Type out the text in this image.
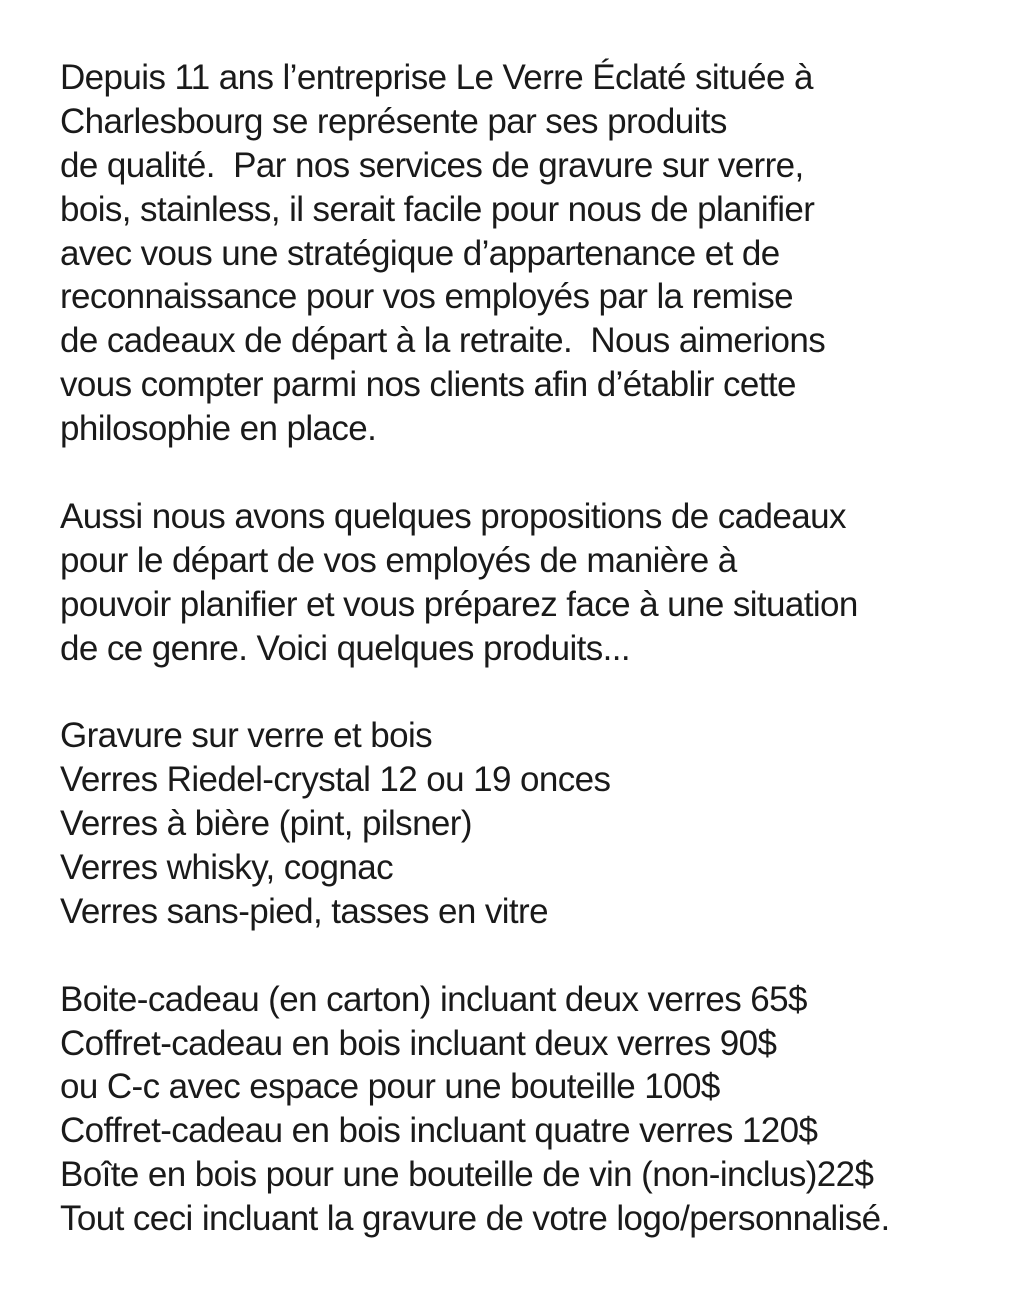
Depuis 11 ans l’entreprise Le Verre Éclaté située à
Charlesbourg se représente par ses produits
de qualité.  Par nos services de gravure sur verre,
bois, stainless, il serait facile pour nous de planifier
avec vous une stratégique d’appartenance et de
reconnaissance pour vos employés par la remise
de cadeaux de départ à la retraite.  Nous aimerions
vous compter parmi nos clients afin d’établir cette
philosophie en place.
Aussi nous avons quelques propositions de cadeaux
pour le départ de vos employés de manière à
pouvoir planifier et vous préparez face à une situation
de ce genre. Voici quelques produits...
Gravure sur verre et bois
Verres Riedel-crystal 12 ou 19 onces
Verres à bière (pint, pilsner)
Verres whisky, cognac
Verres sans-pied, tasses en vitre
Boite-cadeau (en carton) incluant deux verres 65$
Coffret-cadeau en bois incluant deux verres 90$
ou C-c avec espace pour une bouteille 100$
Coffret-cadeau en bois incluant quatre verres 120$
Boîte en bois pour une bouteille de vin (non-inclus)22$
Tout ceci incluant la gravure de votre logo/personnalisé.
